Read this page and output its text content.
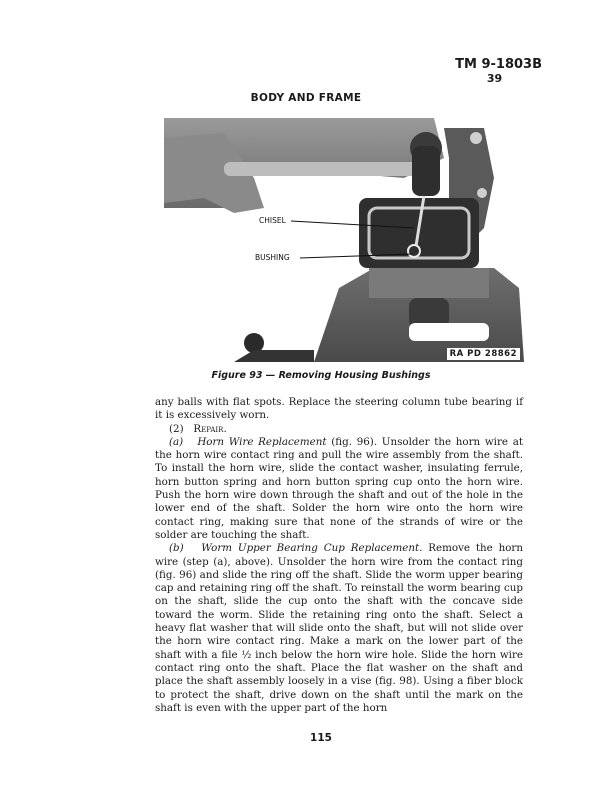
TM 9-1803B
39
BODY AND FRAME
CHISEL
BUSHING
RA PD 28862
Figure 93 — Removing Housing Bushings

any balls with flat spots. Replace the steering column tube bearing if it is excessively worn.

(2) Repair.

(a) Horn Wire Replacement (fig. 96). Unsolder the horn wire at the horn wire contact ring and pull the wire assembly from the shaft. To install the horn wire, slide the contact washer, insulating ferrule, horn button spring and horn button spring cup onto the horn wire. Push the horn wire down through the shaft and out of the hole in the lower end of the shaft. Solder the horn wire onto the horn wire contact ring, making sure that none of the strands of wire or the solder are touching the shaft.

(b) Worm Upper Bearing Cup Replacement. Remove the horn wire (step (a), above). Unsolder the horn wire from the contact ring (fig. 96) and slide the ring off the shaft. Slide the worm upper bearing cap and retaining ring off the shaft. To reinstall the worm bearing cup on the shaft, slide the cup onto the shaft with the concave side toward the worm. Slide the retaining ring onto the shaft. Select a heavy flat washer that will slide onto the shaft, but will not slide over the horn wire contact ring. Make a mark on the lower part of the shaft with a file ½ inch below the horn wire hole. Slide the horn wire contact ring onto the shaft. Place the flat washer on the shaft and place the shaft assembly loosely in a vise (fig. 98). Using a fiber block to protect the shaft, drive down on the shaft until the mark on the shaft is even with the upper part of the horn

115
